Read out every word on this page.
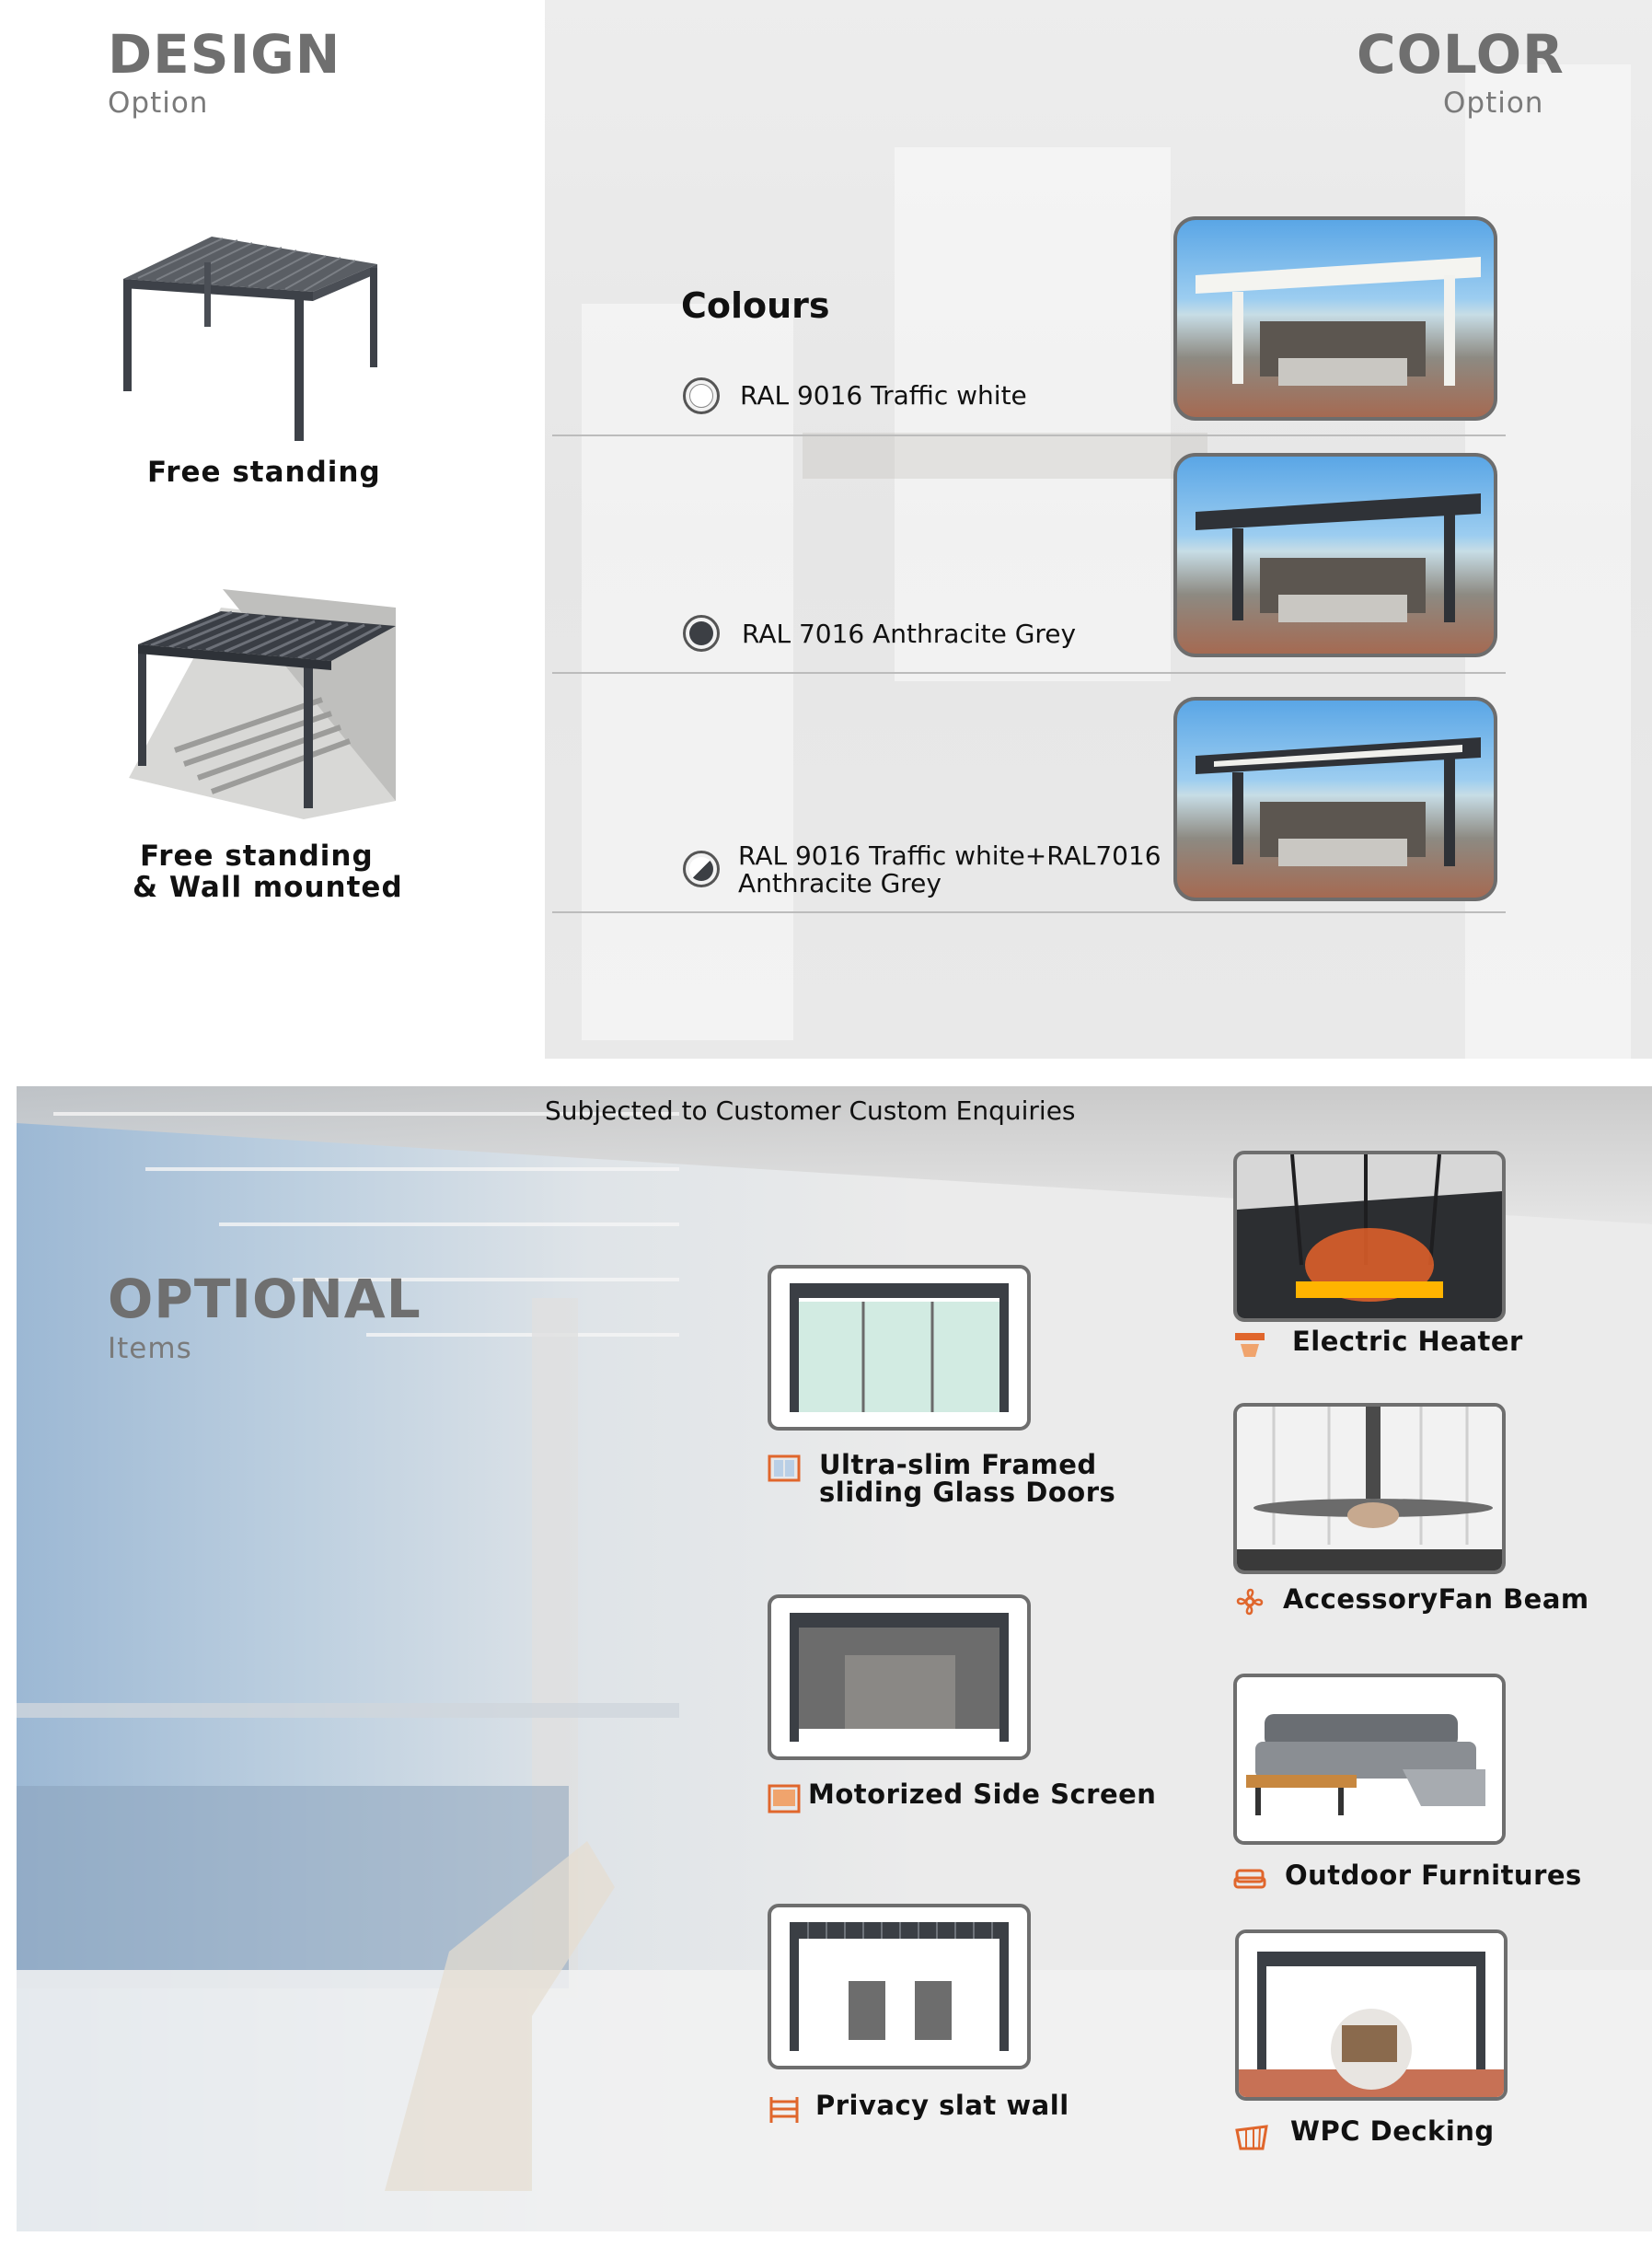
DESIGN
Option
Free standing
Free standing
& Wall mounted
COLOR
Option
Colours
RAL 9016 Traffic white
RAL 7016 Anthracite Grey
RAL 9016 Traffic white+RAL7016
Anthracite Grey
Subjected to Customer Custom Enquiries
OPTIONAL
Items
Ultra-slim Framed
sliding Glass Doors
Motorized Side Screen
Privacy slat wall
Electric Heater
AccessoryFan Beam
Outdoor Furnitures
WPC Decking
